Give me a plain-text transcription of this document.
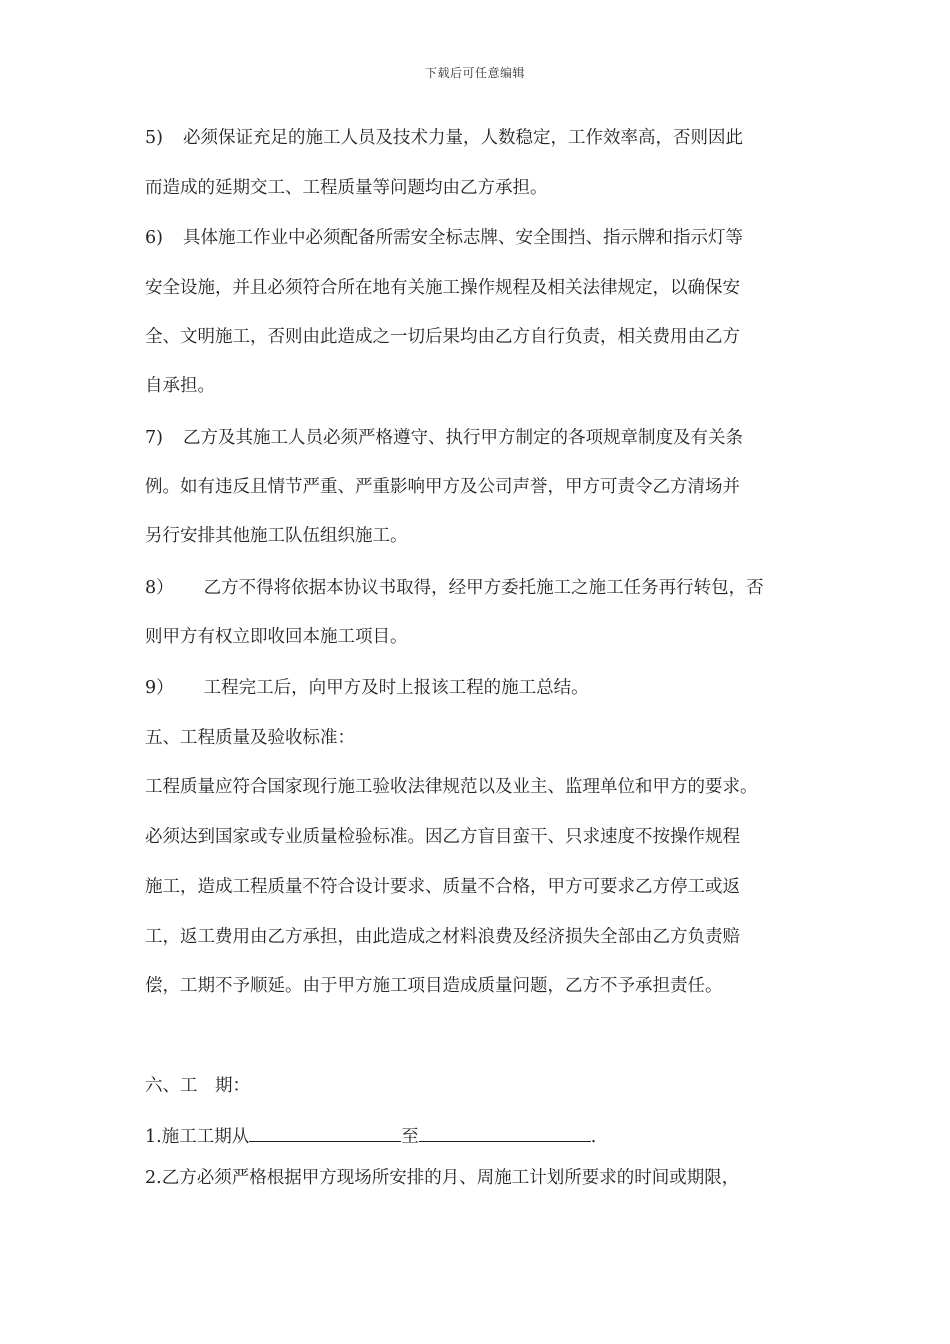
下载后可任意编辑
5) 必须保证充足的施工人员及技术力量，人数稳定，工作效率高，否则因此
而造成的延期交工、工程质量等问题均由乙方承担。
6) 具体施工作业中必须配备所需安全标志牌、安全围挡、指示牌和指示灯等
安全设施，并且必须符合所在地有关施工操作规程及相关法律规定，以确保安
全、文明施工，否则由此造成之一切后果均由乙方自行负责，相关费用由乙方
自承担。
7) 乙方及其施工人员必须严格遵守、执行甲方制定的各项规章制度及有关条
例。如有违反且情节严重、严重影响甲方及公司声誉，甲方可责令乙方清场并
另行安排其他施工队伍组织施工。
8） 乙方不得将依据本协议书取得，经甲方委托施工之施工任务再行转包，否
则甲方有权立即收回本施工项目。
9） 工程完工后，向甲方及时上报该工程的施工总结。
五、工程质量及验收标准：
工程质量应符合国家现行施工验收法律规范以及业主、监理单位和甲方的要求。
必须达到国家或专业质量检验标准。因乙方盲目蛮干、只求速度不按操作规程
施工，造成工程质量不符合设计要求、质量不合格，甲方可要求乙方停工或返
工，返工费用由乙方承担，由此造成之材料浪费及经济损失全部由乙方负责赔
偿，工期不予顺延。由于甲方施工项目造成质量问题，乙方不予承担责任。
六、工　期：
1.施工工期从	至	.
2.乙方必须严格根据甲方现场所安排的月、周施工计划所要求的时间或期限，
